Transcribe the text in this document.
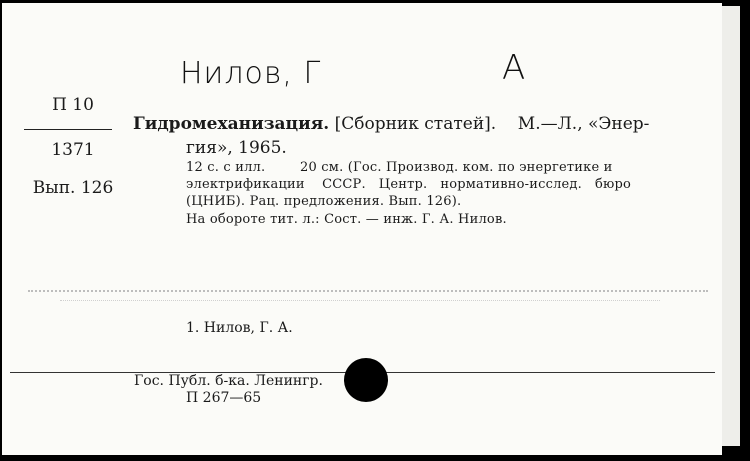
Нилов, Г	А
П 10
1371
Вып. 126
Гидромеханизация. [Сборник статей].    М.—Л., «Энер-
гия», 1965.
12 с. с илл.        20 см. (Гос. Производ. ком. по энергетике и
электрификации    СССР.   Центр.   нормативно-исслед.   бюро
(ЦНИБ). Рац. предложения. Вып. 126).
На обороте тит. л.: Сост. — инж. Г. А. Нилов.
1. Нилов, Г. А.
Гос. Публ. б-ка. Ленингр.
П 267—65
